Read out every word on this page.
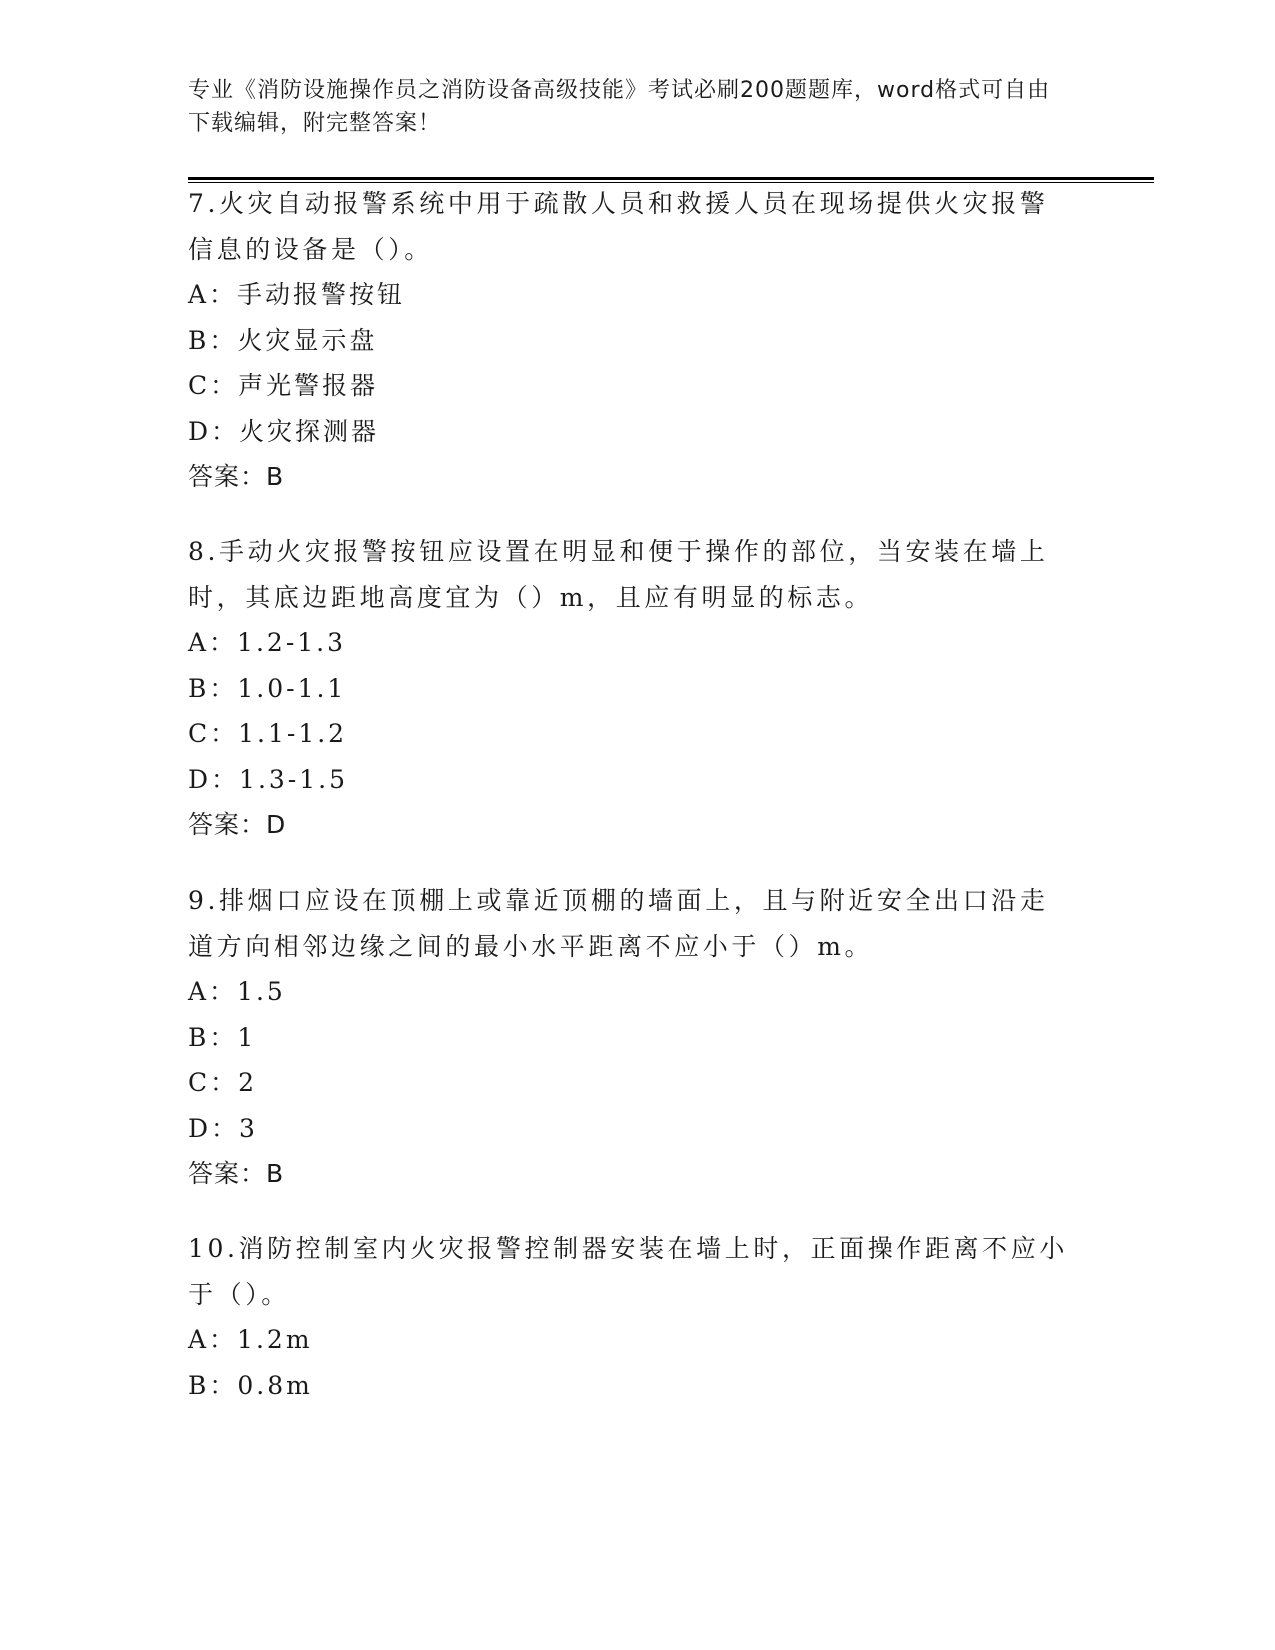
专业《消防设施操作员之消防设备高级技能》考试必刷200题题库，word格式可自由下载编辑，附完整答案！

7.火灾自动报警系统中用于疏散人员和救援人员在现场提供火灾报警信息的设备是（）。

A：手动报警按钮
B：火灾显示盘
C：声光警报器
D：火灾探测器
答案：B

8.手动火灾报警按钮应设置在明显和便于操作的部位，当安装在墙上时，其底边距地高度宜为（）m，且应有明显的标志。

A：1.2-1.3
B：1.0-1.1
C：1.1-1.2
D：1.3-1.5
答案：D

9.排烟口应设在顶棚上或靠近顶棚的墙面上，且与附近安全出口沿走道方向相邻边缘之间的最小水平距离不应小于（）m。

A：1.5
B：1
C：2
D：3
答案：B

10.消防控制室内火灾报警控制器安装在墙上时，正面操作距离不应小于（）。

A：1.2m
B：0.8m
